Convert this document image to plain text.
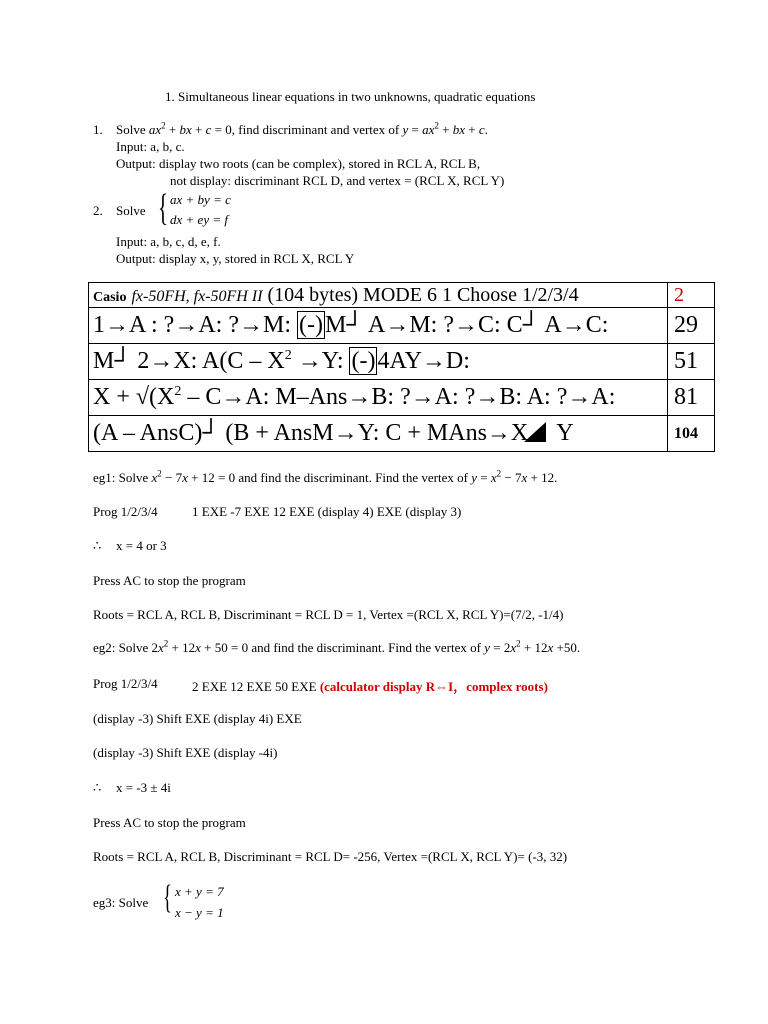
1. Simultaneous linear equations in two unknowns, quadratic equations
1. Solve $ax^2$ + bx + c = 0, find discriminant and vertex of $y = ax^2$ + bx + c.
Input: a, b, c.
Output: display two roots (can be complex), stored in RCL A, RCL B,
not display: discriminant RCL D, and vertex = (RCL X, RCL Y)
2. Solve { ax + by = c
dx + ey = f
Input: a, b, c, d, e, f.
Output: display x, y, stored in RCL X, RCL Y
Casio fx-50FH, fx-50FH II (104 bytes) MODE 6 1 Choose 1/2/3/4	2
1→A : ?→A: ?→M: (-)M┘ A→M: ?→C: C┘ A→C:	29
M┘ 2→X: $A(C - X^2 \to Y$: (-)4AY→D:	51
$X + √(X^2 - C\to A$: M–Ans→B: ?→A: ?→B: A: ?→A:	81
(A – AnsC)┘ (B + AnsM→Y: C + MAns→X Y	104
eg1: Solve $x^2 - 7x + 12 = 0$ and find the discriminant. Find the vertex of $y = x^2 - 7x + 12$.
Prog 1/2/3/4	1 EXE -7 EXE 12 EXE (display 4) EXE (display 3)
∴ x = 4 or 3
Press AC to stop the program
Roots = RCL A, RCL B, Discriminant = RCL D = 1, Vertex =(RCL X, RCL Y)=(7/2, -1/4)
eg2: Solve $2x^2 + 12x + 50 = 0$ and find the discriminant. Find the vertex of $y = 2x^2 + 12x +50$.
Prog 1/2/3/4	2 EXE 12 EXE 50 EXE (calculator display R⇔I，complex roots)
(display -3) Shift EXE (display 4i) EXE
(display -3) Shift EXE (display -4i)
∴ x = -3 ± 4i
Press AC to stop the program
Roots = RCL A, RCL B, Discriminant = RCL D= -256, Vertex =(RCL X, RCL Y)= (-3, 32)
eg3: Solve { x + y = 7
x − y = 1
